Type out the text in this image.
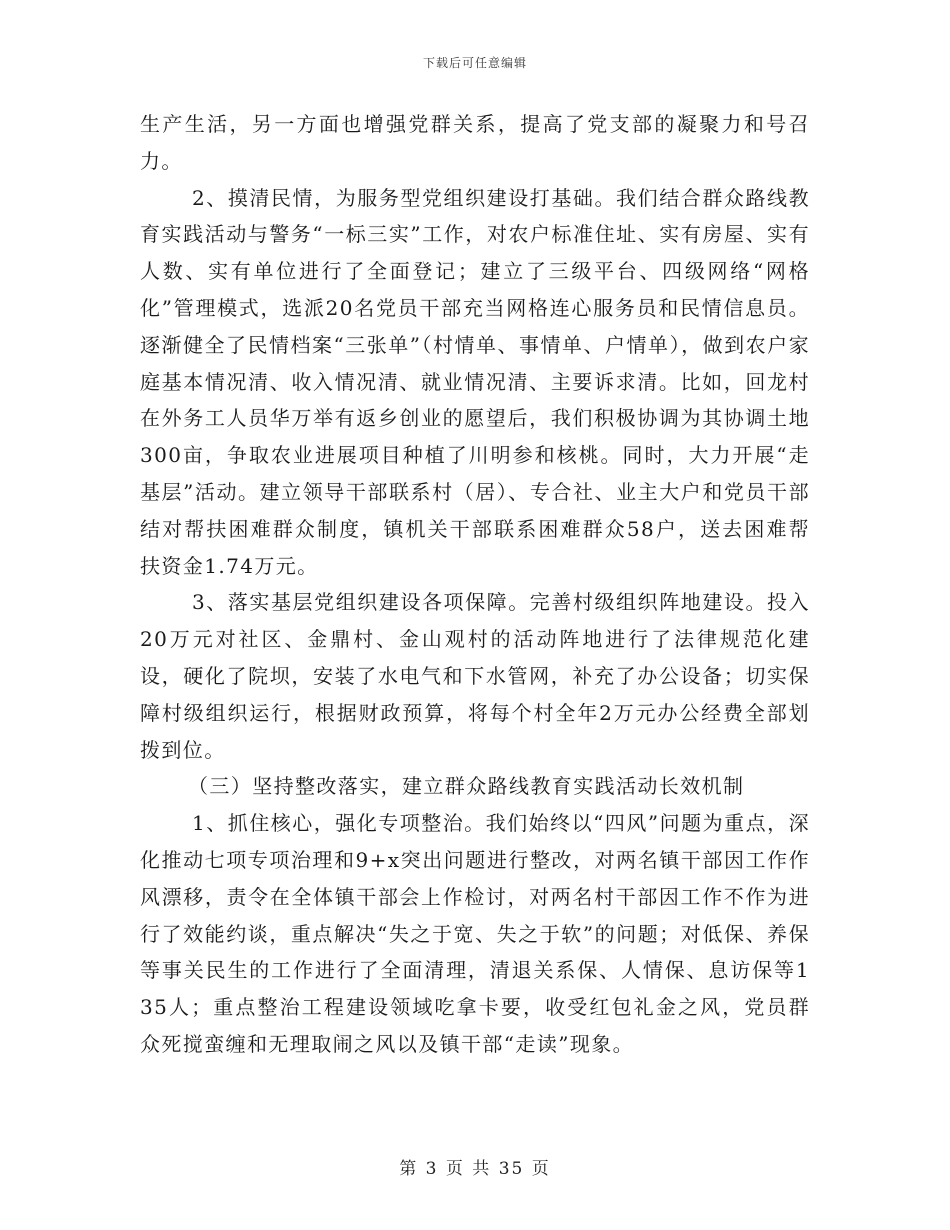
下载后可任意编辑

生产生活，另一方面也增强党群关系，提高了党支部的凝聚力和号召力。

2、摸清民情，为服务型党组织建设打基础。我们结合群众路线教育实践活动与警务“一标三实”工作，对农户标准住址、实有房屋、实有人数、实有单位进行了全面登记；建立了三级平台、四级网络“网格化”管理模式，选派20名党员干部充当网格连心服务员和民情信息员。逐渐健全了民情档案“三张单”（村情单、事情单、户情单），做到农户家庭基本情况清、收入情况清、就业情况清、主要诉求清。比如，回龙村在外务工人员华万举有返乡创业的愿望后，我们积极协调为其协调土地300亩，争取农业进展项目种植了川明参和核桃。同时，大力开展“走基层”活动。建立领导干部联系村（居）、专合社、业主大户和党员干部结对帮扶困难群众制度，镇机关干部联系困难群众58户，送去困难帮扶资金1.74万元。

3、落实基层党组织建设各项保障。完善村级组织阵地建设。投入20万元对社区、金鼎村、金山观村的活动阵地进行了法律规范化建设，硬化了院坝，安装了水电气和下水管网，补充了办公设备；切实保障村级组织运行，根据财政预算，将每个村全年2万元办公经费全部划拨到位。

（三）坚持整改落实，建立群众路线教育实践活动长效机制

1、抓住核心，强化专项整治。我们始终以“四风”问题为重点，深化推动七项专项治理和9+x突出问题进行整改，对两名镇干部因工作作风漂移，责令在全体镇干部会上作检讨，对两名村干部因工作不作为进行了效能约谈，重点解决“失之于宽、失之于软”的问题；对低保、养保等事关民生的工作进行了全面清理，清退关系保、人情保、息访保等135人；重点整治工程建设领域吃拿卡要，收受红包礼金之风，党员群众死搅蛮缠和无理取闹之风以及镇干部“走读”现象。

第 3 页 共 35 页
